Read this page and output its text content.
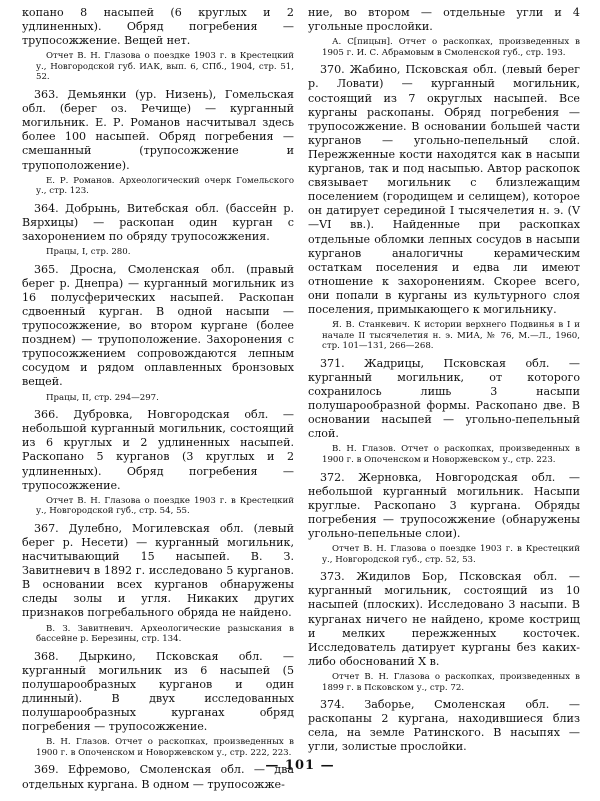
копано 8 насыпей (6 круглых и 2 удлиненных). Обряд погребения — трупосожжение. Вещей нет.

Отчет В. Н. Глазова о поездке 1903 г. в Крестецкий у., Новгородской губ. ИАК, вып. 6, СПб., 1904, стр. 51, 52.

363. Демьянки (ур. Низень), Гомельская обл. (берег оз. Речище) — курганный могильник. Е. Р. Романов насчитывал здесь более 100 насыпей. Обряд погребения — смешанный (трупосожжение и трупоположение).

Е. Р. Романов. Археологический очерк Гомельского у., стр. 123.

364. Добрынь, Витебская обл. (бассейн р. Вярхицы) — раскопан один курган с захоронением по обряду трупосожжения.

Працы, I, стр. 280.

365. Дросна, Смоленская обл. (правый берег р. Днепра) — курганный могильник из 16 полусферических насыпей. Раскопан сдвоенный курган. В одной насыпи — трупосожжение, во втором кургане (более позднем) — трупоположение. Захоронения с трупосожжением сопровождаются лепным сосудом и рядом оплавленных бронзовых вещей.

Працы, II, стр. 294—297.

366. Дубровка, Новгородская обл. — небольшой курганный могильник, состоящий из 6 круглых и 2 удлиненных насыпей. Раскопано 5 курганов (3 круглых и 2 удлиненных). Обряд погребения — трупосожжение.

Отчет В. Н. Глазова о поездке 1903 г. в Крестецкий у., Новгородской губ., стр. 54, 55.

367. Дулебно, Могилевская обл. (левый берег р. Несети) — курганный могильник, насчитывающий 15 насыпей. В. З. Завитневич в 1892 г. исследовано 5 курганов. В основании всех курганов обнаружены следы золы и угля. Никаких других признаков погребального обряда не найдено.

В. З. Завитневич. Археологические разыскания в бассейне р. Березины, стр. 134.

368. Дыркино, Псковская обл. — курганный могильник из 6 насыпей (5 полушарообразных курганов и один длинный). В двух исследованных полушарообразных курганах обряд погребения — трупосожжение.

В. Н. Глазов. Отчет о раскопках, произведенных в 1900 г. в Опоченском и Новоржевском у., стр. 222, 223.

369. Ефремово, Смоленская обл. — два отдельных кургана. В одном — трупосожже-

ние, во втором — отдельные угли и 4 угольные прослойки.

А. С[пицын]. Отчет о раскопках, произведенных в 1905 г. И. С. Абрамовым в Смоленской губ., стр. 193.

370. Жабино, Псковская обл. (левый берег р. Ловати) — курганный могильник, состоящий из 7 округлых насыпей. Все курганы раскопаны. Обряд погребения — трупосожжение. В основании большей части курганов — угольно-пепельный слой. Пережженные кости находятся как в насыпи курганов, так и под насыпью. Автор раскопок связывает могильник с близлежащим поселением (городищем и селищем), которое он датирует серединой I тысячелетия н. э. (V—VI вв.). Найденные при раскопках отдельные обломки лепных сосудов в насыпи курганов аналогичны керамическим остаткам поселения и едва ли имеют отношение к захоронениям. Скорее всего, они попали в курганы из культурного слоя поселения, примыкающего к могильнику.

Я. В. Станкевич. К истории верхнего Подвинья в I и начале II тысячелетия н. э. МИА, № 76, М.—Л., 1960, стр. 101—131, 266—268.

371. Жадрицы, Псковская обл. — курганный могильник, от которого сохранилось лишь 3 насыпи полушарообразной формы. Раскопано две. В основании насыпей — угольно-пепельный слой.

В. Н. Глазов. Отчет о раскопках, произведенных в 1900 г. в Опоченском и Новоржевском у., стр. 223.

372. Жерновка, Новгородская обл. — небольшой курганный могильник. Насыпи круглые. Раскопано 3 кургана. Обряды погребения — трупосожжение (обнаружены угольно-пепельные слои).

Отчет В. Н. Глазова о поездке 1903 г. в Крестецкий у., Новгородской губ., стр. 52, 53.

373. Жидилов Бор, Псковская обл. — курганный могильник, состоящий из 10 насыпей (плоских). Исследовано 3 насыпи. В курганах ничего не найдено, кроме кострищ и мелких пережженных косточек. Исследователь датирует курганы без каких-либо обоснований X в.

Отчет В. Н. Глазова о раскопках, произведенных в 1899 г. в Псковском у., стр. 72.

374. Заборье, Смоленская обл. — раскопаны 2 кургана, находившиеся близ села, на земле Ратинского. В насыпях — угли, золистые прослойки.

— 101 —
